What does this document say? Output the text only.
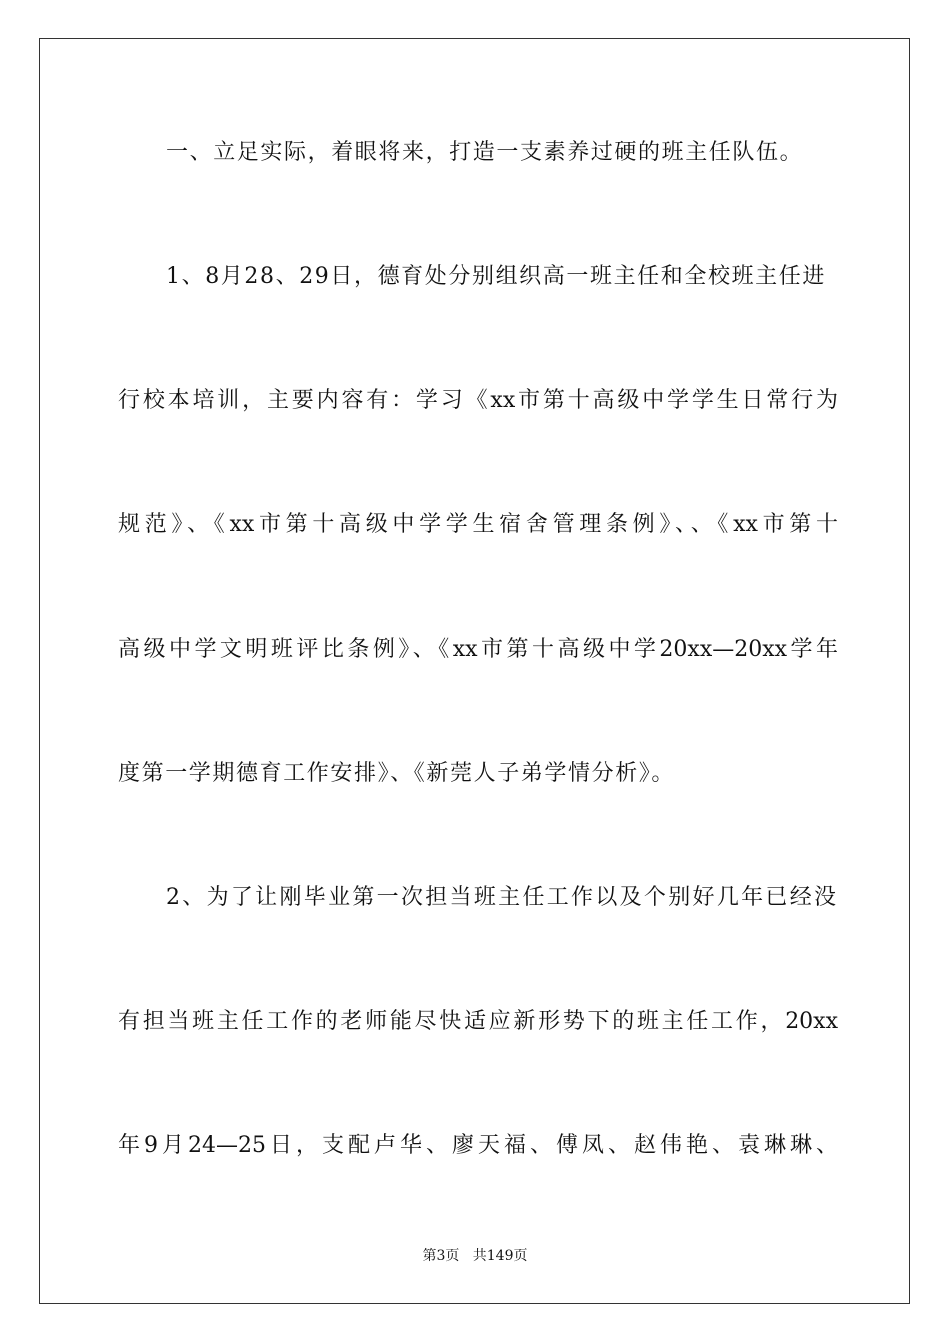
一、立足实际，着眼将来，打造一支素养过硬的班主任队伍。
1、8月28、29日，德育处分别组织高一班主任和全校班主任进
行校本培训，主要内容有：学习《xx市第十高级中学学生日常行为
规范》、《xx市第十高级中学学生宿舍管理条例》、、《xx市第十
高级中学文明班评比条例》、《xx市第十高级中学20xx—20xx学年
度第一学期德育工作安排》、《新莞人子弟学情分析》。
2、为了让刚毕业第一次担当班主任工作以及个别好几年已经没
有担当班主任工作的老师能尽快适应新形势下的班主任工作，20xx
年9月24—25日，支配卢华、廖天福、傅凤、赵伟艳、袁琳琳、
第3页 共149页
